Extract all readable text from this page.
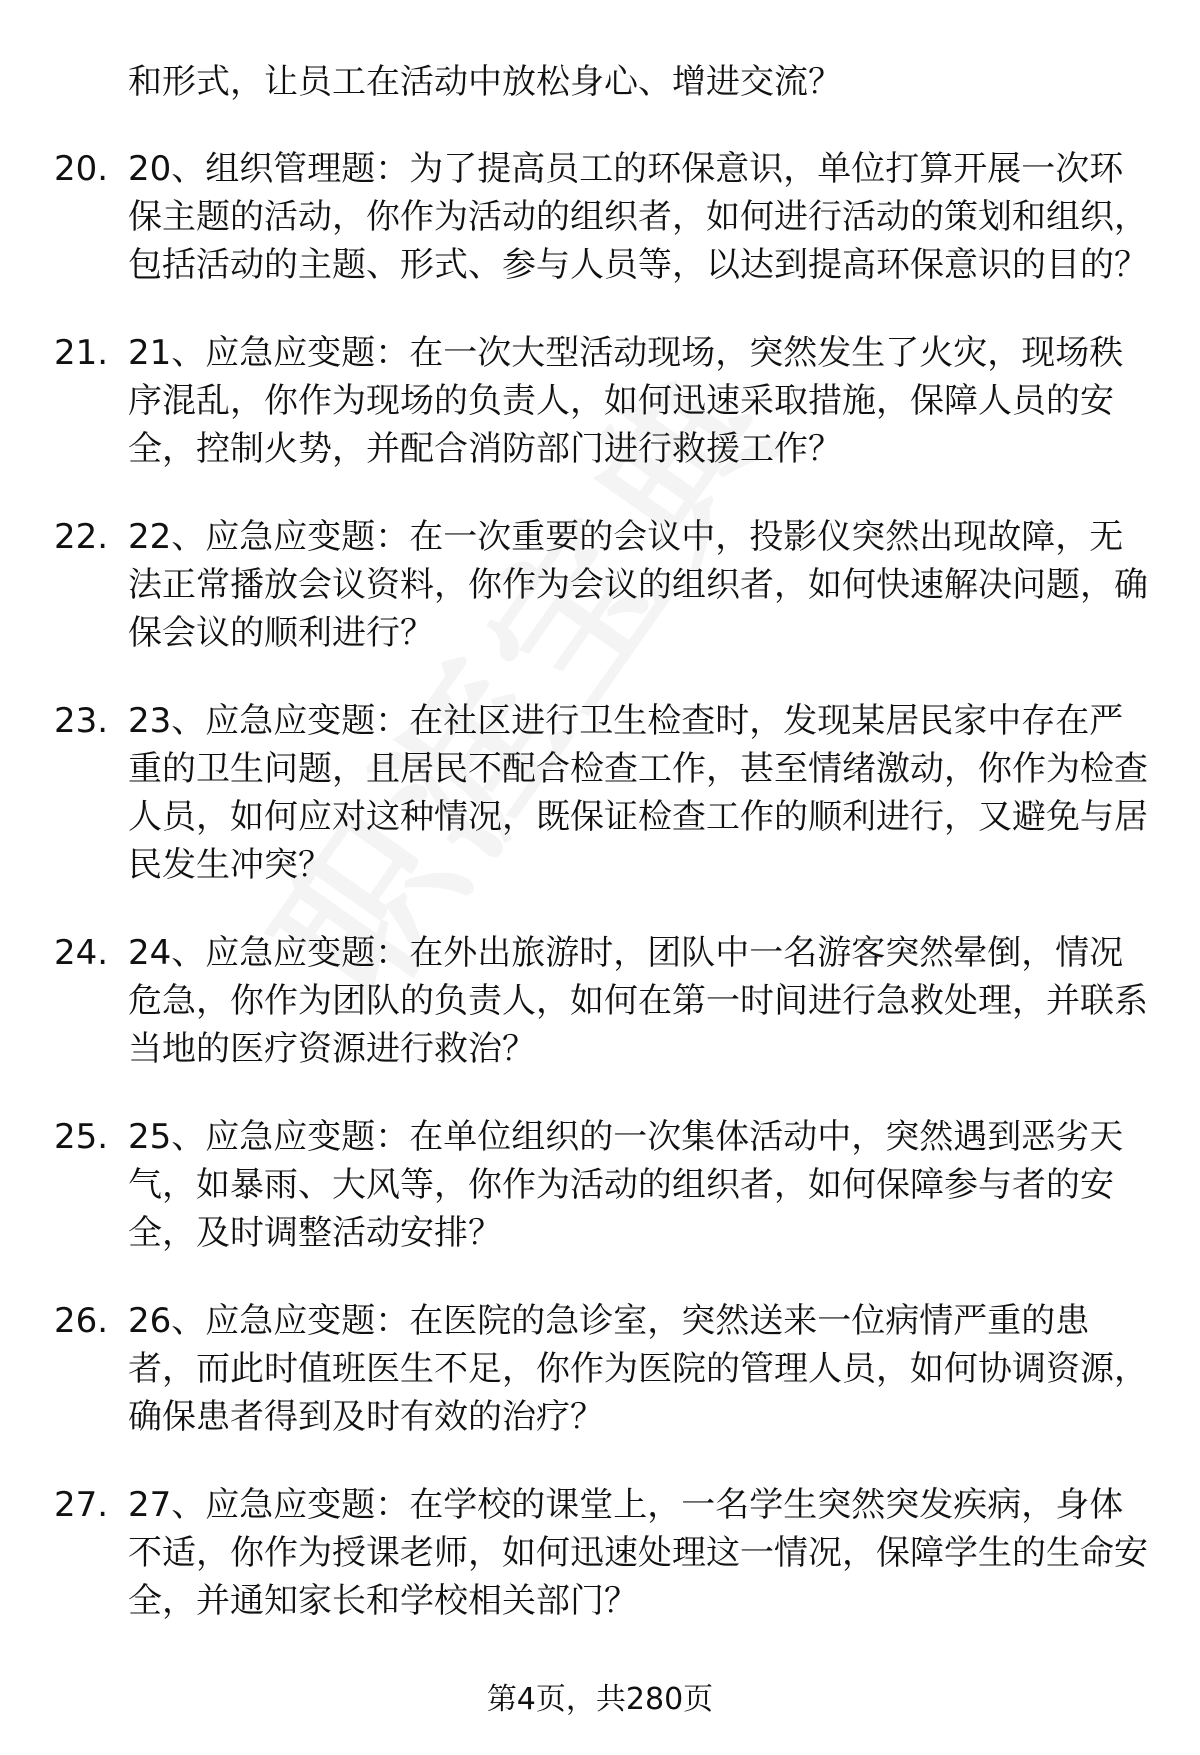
和形式，让员工在活动中放松身心、增进交流？

20. 20、组织管理题：为了提高员工的环保意识，单位打算开展一次环保主题的活动，你作为活动的组织者，如何进行活动的策划和组织，包括活动的主题、形式、参与人员等，以达到提高环保意识的目的？
21. 21、应急应变题：在一次大型活动现场，突然发生了火灾，现场秩序混乱，你作为现场的负责人，如何迅速采取措施，保障人员的安全，控制火势，并配合消防部门进行救援工作？
22. 22、应急应变题：在一次重要的会议中，投影仪突然出现故障，无法正常播放会议资料，你作为会议的组织者，如何快速解决问题，确保会议的顺利进行？
23. 23、应急应变题：在社区进行卫生检查时，发现某居民家中存在严重的卫生问题，且居民不配合检查工作，甚至情绪激动，你作为检查人员，如何应对这种情况，既保证检查工作的顺利进行，又避免与居民发生冲突？
24. 24、应急应变题：在外出旅游时，团队中一名游客突然晕倒，情况危急，你作为团队的负责人，如何在第一时间进行急救处理，并联系当地的医疗资源进行救治？
25. 25、应急应变题：在单位组织的一次集体活动中，突然遇到恶劣天气，如暴雨、大风等，你作为活动的组织者，如何保障参与者的安全，及时调整活动安排？
26. 26、应急应变题：在医院的急诊室，突然送来一位病情严重的患者，而此时值班医生不足，你作为医院的管理人员，如何协调资源，确保患者得到及时有效的治疗？
27. 27、应急应变题：在学校的课堂上，一名学生突然突发疾病，身体不适，你作为授课老师，如何迅速处理这一情况，保障学生的生命安全，并通知家长和学校相关部门？
第4页，共280页
